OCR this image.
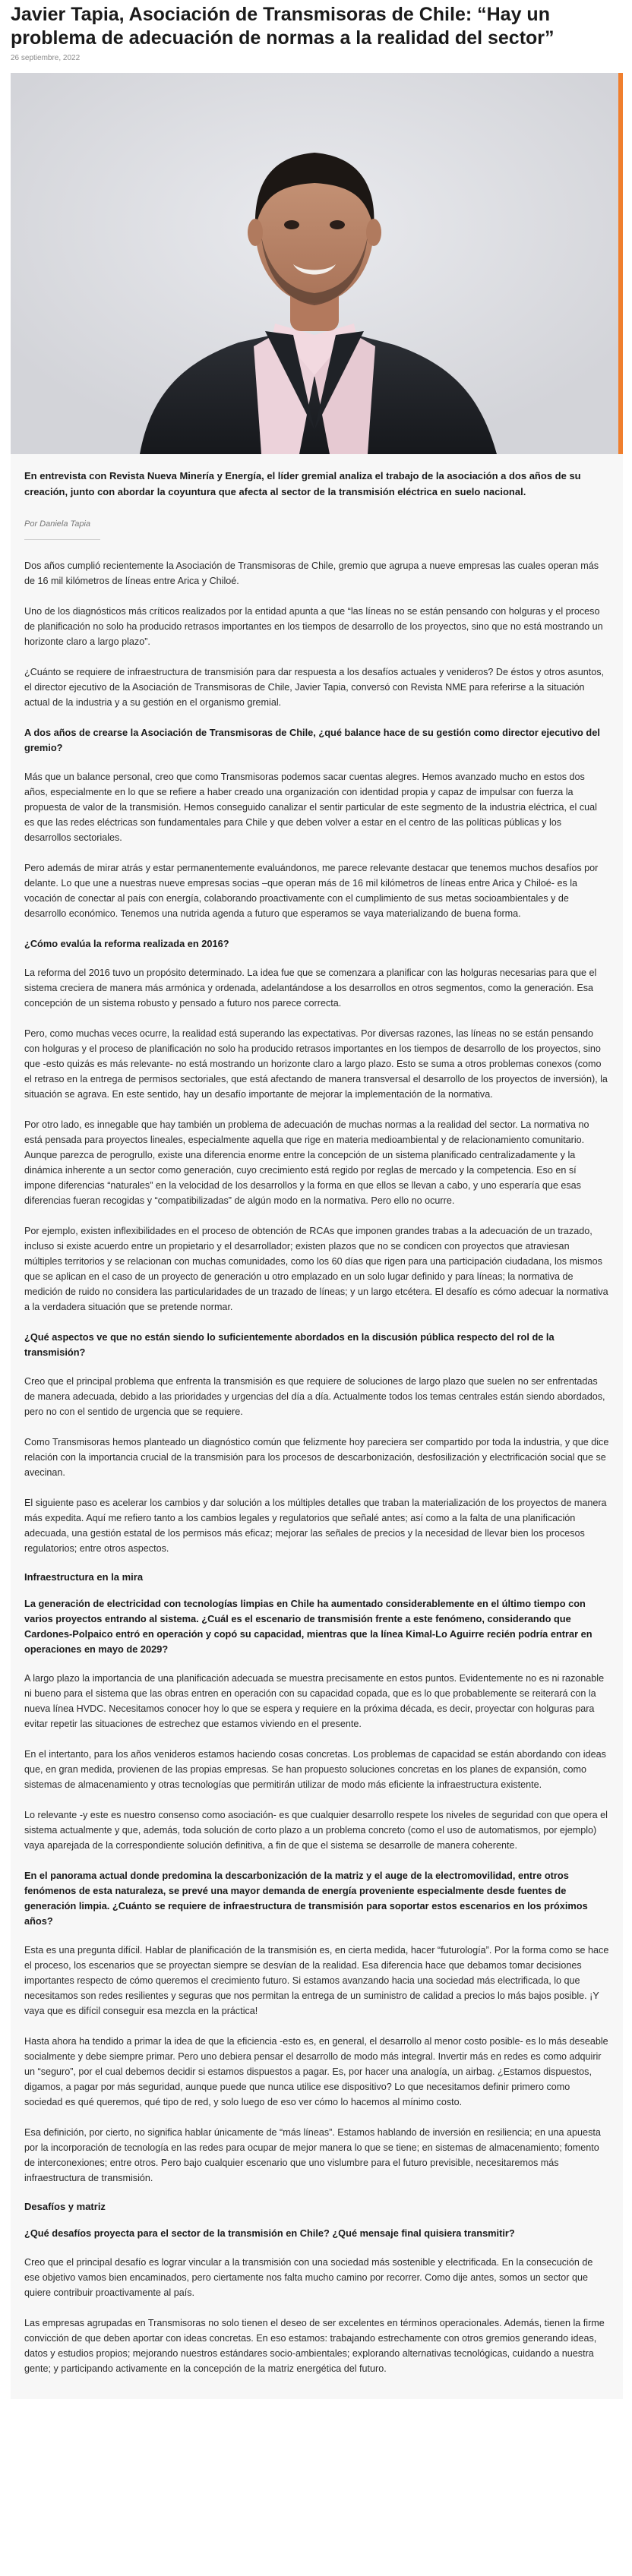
Javier Tapia, Asociación de Transmisoras de Chile: “Hay un problema de adecuación de normas a la realidad del sector”
26 septiembre, 2022

En entrevista con Revista Nueva Minería y Energía, el líder gremial analiza el trabajo de la asociación a dos años de su creación, junto con abordar la coyuntura que afecta al sector de la transmisión eléctrica en suelo nacional.

Por Daniela Tapia

Dos años cumplió recientemente la Asociación de Transmisoras de Chile, gremio que agrupa a nueve empresas las cuales operan más de 16 mil kilómetros de líneas entre Arica y Chiloé.

Uno de los diagnósticos más críticos realizados por la entidad apunta a que “las líneas no se están pensando con holguras y el proceso de planificación no solo ha producido retrasos importantes en los tiempos de desarrollo de los proyectos, sino que no está mostrando un horizonte claro a largo plazo”.

¿Cuánto se requiere de infraestructura de transmisión para dar respuesta a los desafíos actuales y venideros? De éstos y otros asuntos, el director ejecutivo de la Asociación de Transmisoras de Chile, Javier Tapia, conversó con Revista NME para referirse a la situación actual de la industria y a su gestión en el organismo gremial.

A dos años de crearse la Asociación de Transmisoras de Chile, ¿qué balance hace de su gestión como director ejecutivo del gremio?

Más que un balance personal, creo que como Transmisoras podemos sacar cuentas alegres. Hemos avanzado mucho en estos dos años, especialmente en lo que se refiere a haber creado una organización con identidad propia y capaz de impulsar con fuerza la propuesta de valor de la transmisión. Hemos conseguido canalizar el sentir particular de este segmento de la industria eléctrica, el cual es que las redes eléctricas son fundamentales para Chile y que deben volver a estar en el centro de las políticas públicas y los desarrollos sectoriales.

Pero además de mirar atrás y estar permanentemente evaluándonos, me parece relevante destacar que tenemos muchos desafíos por delante. Lo que une a nuestras nueve empresas socias –que operan más de 16 mil kilómetros de líneas entre Arica y Chiloé- es la vocación de conectar al país con energía, colaborando proactivamente con el cumplimiento de sus metas socioambientales y de desarrollo económico. Tenemos una nutrida agenda a futuro que esperamos se vaya materializando de buena forma.

¿Cómo evalúa la reforma realizada en 2016?

La reforma del 2016 tuvo un propósito determinado. La idea fue que se comenzara a planificar con las holguras necesarias para que el sistema creciera de manera más armónica y ordenada, adelantándose a los desarrollos en otros segmentos, como la generación. Esa concepción de un sistema robusto y pensado a futuro nos parece correcta.

Pero, como muchas veces ocurre, la realidad está superando las expectativas. Por diversas razones, las líneas no se están pensando con holguras y el proceso de planificación no solo ha producido retrasos importantes en los tiempos de desarrollo de los proyectos, sino que -esto quizás es más relevante- no está mostrando un horizonte claro a largo plazo. Esto se suma a otros problemas conexos (como el retraso en la entrega de permisos sectoriales, que está afectando de manera transversal el desarrollo de los proyectos de inversión), la situación se agrava. En este sentido, hay un desafío importante de mejorar la implementación de la normativa.

Por otro lado, es innegable que hay también un problema de adecuación de muchas normas a la realidad del sector. La normativa no está pensada para proyectos lineales, especialmente aquella que rige en materia medioambiental y de relacionamiento comunitario. Aunque parezca de perogrullo, existe una diferencia enorme entre la concepción de un sistema planificado centralizadamente y la dinámica inherente a un sector como generación, cuyo crecimiento está regido por reglas de mercado y la competencia. Eso en sí impone diferencias “naturales” en la velocidad de los desarrollos y la forma en que ellos se llevan a cabo, y uno esperaría que esas diferencias fueran recogidas y “compatibilizadas” de algún modo en la normativa. Pero ello no ocurre.

Por ejemplo, existen inflexibilidades en el proceso de obtención de RCAs que imponen grandes trabas a la adecuación de un trazado, incluso si existe acuerdo entre un propietario y el desarrollador; existen plazos que no se condicen con proyectos que atraviesan múltiples territorios y se relacionan con muchas comunidades, como los 60 días que rigen para una participación ciudadana, los mismos que se aplican en el caso de un proyecto de generación u otro emplazado en un solo lugar definido y para líneas; la normativa de medición de ruido no considera las particularidades de un trazado de líneas; y un largo etcétera. El desafío es cómo adecuar la normativa a la verdadera situación que se pretende normar.

¿Qué aspectos ve que no están siendo lo suficientemente abordados en la discusión pública respecto del rol de la transmisión?

Creo que el principal problema que enfrenta la transmisión es que requiere de soluciones de largo plazo que suelen no ser enfrentadas de manera adecuada, debido a las prioridades y urgencias del día a día. Actualmente todos los temas centrales están siendo abordados, pero no con el sentido de urgencia que se requiere.

Como Transmisoras hemos planteado un diagnóstico común que felizmente hoy pareciera ser compartido por toda la industria, y que dice relación con la importancia crucial de la transmisión para los procesos de descarbonización, desfosilización y electrificación social que se avecinan.

El siguiente paso es acelerar los cambios y dar solución a los múltiples detalles que traban la materialización de los proyectos de manera más expedita. Aquí me refiero tanto a los cambios legales y regulatorios que señalé antes; así como a la falta de una planificación adecuada, una gestión estatal de los permisos más eficaz; mejorar las señales de precios y la necesidad de llevar bien los procesos regulatorios; entre otros aspectos.

Infraestructura en la mira

La generación de electricidad con tecnologías limpias en Chile ha aumentado considerablemente en el último tiempo con varios proyectos entrando al sistema. ¿Cuál es el escenario de transmisión frente a este fenómeno, considerando que Cardones-Polpaico entró en operación y copó su capacidad, mientras que la línea Kimal-Lo Aguirre recién podría entrar en operaciones en mayo de 2029?

A largo plazo la importancia de una planificación adecuada se muestra precisamente en estos puntos. Evidentemente no es ni razonable ni bueno para el sistema que las obras entren en operación con su capacidad copada, que es lo que probablemente se reiterará con la nueva línea HVDC. Necesitamos conocer hoy lo que se espera y requiere en la próxima década, es decir, proyectar con holguras para evitar repetir las situaciones de estrechez que estamos viviendo en el presente.

En el intertanto, para los años venideros estamos haciendo cosas concretas. Los problemas de capacidad se están abordando con ideas que, en gran medida, provienen de las propias empresas. Se han propuesto soluciones concretas en los planes de expansión, como sistemas de almacenamiento y otras tecnologías que permitirán utilizar de modo más eficiente la infraestructura existente.

Lo relevante -y este es nuestro consenso como asociación- es que cualquier desarrollo respete los niveles de seguridad con que opera el sistema actualmente y que, además, toda solución de corto plazo a un problema concreto (como el uso de automatismos, por ejemplo) vaya aparejada de la correspondiente solución definitiva, a fin de que el sistema se desarrolle de manera coherente.

En el panorama actual donde predomina la descarbonización de la matriz y el auge de la electromovilidad, entre otros fenómenos de esta naturaleza, se prevé una mayor demanda de energía proveniente especialmente desde fuentes de generación limpia. ¿Cuánto se requiere de infraestructura de transmisión para soportar estos escenarios en los próximos años?

Esta es una pregunta difícil. Hablar de planificación de la transmisión es, en cierta medida, hacer “futurología”. Por la forma como se hace el proceso, los escenarios que se proyectan siempre se desvían de la realidad. Esa diferencia hace que debamos tomar decisiones importantes respecto de cómo queremos el crecimiento futuro. Si estamos avanzando hacia una sociedad más electrificada, lo que necesitamos son redes resilientes y seguras que nos permitan la entrega de un suministro de calidad a precios lo más bajos posible. ¡Y vaya que es difícil conseguir esa mezcla en la práctica!

Hasta ahora ha tendido a primar la idea de que la eficiencia -esto es, en general, el desarrollo al menor costo posible- es lo más deseable socialmente y debe siempre primar. Pero uno debiera pensar el desarrollo de modo más integral. Invertir más en redes es como adquirir un “seguro”, por el cual debemos decidir si estamos dispuestos a pagar. Es, por hacer una analogía, un airbag. ¿Estamos dispuestos, digamos, a pagar por más seguridad, aunque puede que nunca utilice ese dispositivo? Lo que necesitamos definir primero como sociedad es qué queremos, qué tipo de red, y solo luego de eso ver cómo lo hacemos al mínimo costo.

Esa definición, por cierto, no significa hablar únicamente de “más líneas”. Estamos hablando de inversión en resiliencia; en una apuesta por la incorporación de tecnología en las redes para ocupar de mejor manera lo que se tiene; en sistemas de almacenamiento; fomento de interconexiones; entre otros. Pero bajo cualquier escenario que uno vislumbre para el futuro previsible, necesitaremos más infraestructura de transmisión.

Desafíos y matriz

¿Qué desafíos proyecta para el sector de la transmisión en Chile? ¿Qué mensaje final quisiera transmitir?

Creo que el principal desafío es lograr vincular a la transmisión con una sociedad más sostenible y electrificada. En la consecución de ese objetivo vamos bien encaminados, pero ciertamente nos falta mucho camino por recorrer. Como dije antes, somos un sector que quiere contribuir proactivamente al país.

Las empresas agrupadas en Transmisoras no solo tienen el deseo de ser excelentes en términos operacionales. Además, tienen la firme convicción de que deben aportar con ideas concretas. En eso estamos: trabajando estrechamente con otros gremios generando ideas, datos y estudios propios; mejorando nuestros estándares socio-ambientales; explorando alternativas tecnológicas, cuidando a nuestra gente; y participando activamente en la concepción de la matriz energética del futuro.
